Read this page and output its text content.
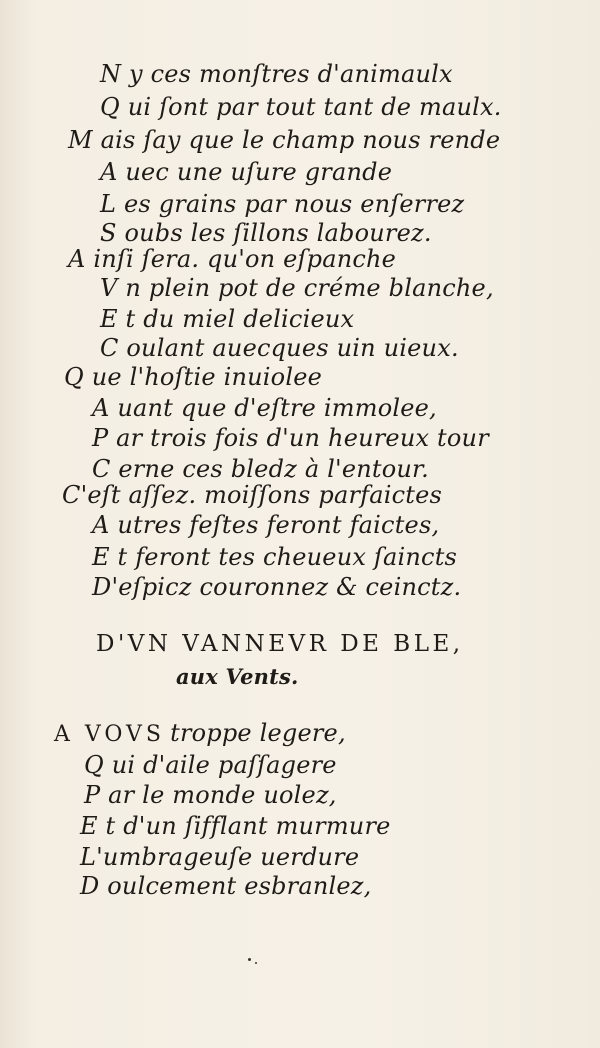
N y ces monſtres d'animaulx
Q ui ſont par tout tant de maulx.
M ais ſay que le champ nous rende
A uec une uſure grande
L es grains par nous enſerrez
S oubs les ſillons labourez.
A inſi ſera. qu'on eſpanche
V n plein pot de créme blanche,
E t du miel delicieux
C oulant auecques uin uieux.
Q ue l'hoſtie inuiolee
A uant que d'eſtre immolee,
P ar trois fois d'un heureux tour
C erne ces bledz à l'entour.
C'eſt aſſez. moiſſons parfaictes
A utres feſtes feront faictes,
E t feront tes cheueux ſaincts
D'eſpicz couronnez & ceinctz.
D'VN VANNEVR DE BLE,
aux Vents.
A VOVS troppe legere,
Q ui d'aile paſſagere
P ar le monde uolez,
E t d'un ſifflant murmure
L'umbrageuſe uerdure
D oulcement esbranlez,
